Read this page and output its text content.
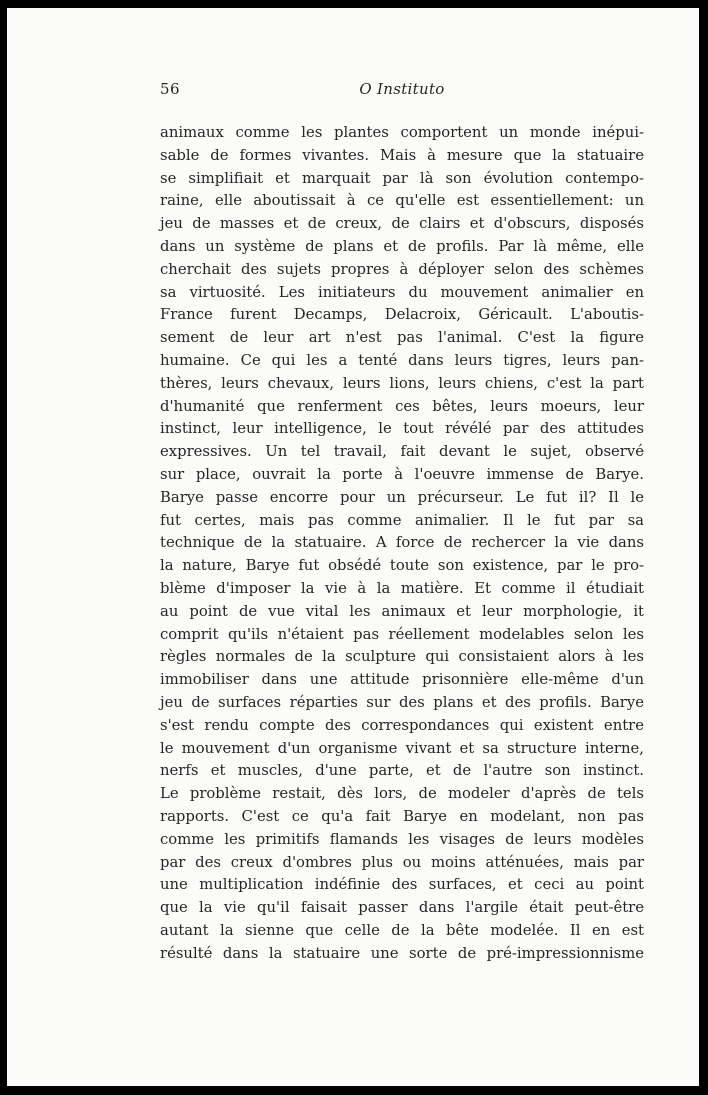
56	O Instituto
animaux comme les plantes comportent un monde inépui-
sable de formes vivantes. Mais à mesure que la statuaire
se simplifiait et marquait par là son évolution contempo-
raine, elle aboutissait à ce qu'elle est essentiellement: un
jeu de masses et de creux, de clairs et d'obscurs, disposés
dans un système de plans et de profils. Par là même, elle
cherchait des sujets propres à déployer selon des schèmes
sa virtuosité. Les initiateurs du mouvement animalier en
France furent Decamps, Delacroix, Géricault. L'aboutis-
sement de leur art n'est pas l'animal. C'est la figure
humaine. Ce qui les a tenté dans leurs tigres, leurs pan-
thères, leurs chevaux, leurs lions, leurs chiens, c'est la part
d'humanité que renferment ces bêtes, leurs moeurs, leur
instinct, leur intelligence, le tout révélé par des attitudes
expressives. Un tel travail, fait devant le sujet, observé
sur place, ouvrait la porte à l'oeuvre immense de Barye.
Barye passe encorre pour un précurseur. Le fut il? Il le
fut certes, mais pas comme animalier. Il le fut par sa
technique de la statuaire. A force de rechercer la vie dans
la nature, Barye fut obsédé toute son existence, par le pro-
blème d'imposer la vie à la matière. Et comme il étudiait
au point de vue vital les animaux et leur morphologie, it
comprit qu'ils n'étaient pas réellement modelables selon les
règles normales de la sculpture qui consistaient alors à les
immobiliser dans une attitude prisonnière elle-même d'un
jeu de surfaces réparties sur des plans et des profils. Barye
s'est rendu compte des correspondances qui existent entre
le mouvement d'un organisme vivant et sa structure interne,
nerfs et muscles, d'une parte, et de l'autre son instinct.
Le problème restait, dès lors, de modeler d'après de tels
rapports. C'est ce qu'a fait Barye en modelant, non pas
comme les primitifs flamands les visages de leurs modèles
par des creux d'ombres plus ou moins atténuées, mais par
une multiplication indéfinie des surfaces, et ceci au point
que la vie qu'il faisait passer dans l'argile était peut-être
autant la sienne que celle de la bête modelée. Il en est
résulté dans la statuaire une sorte de pré-impressionnisme
